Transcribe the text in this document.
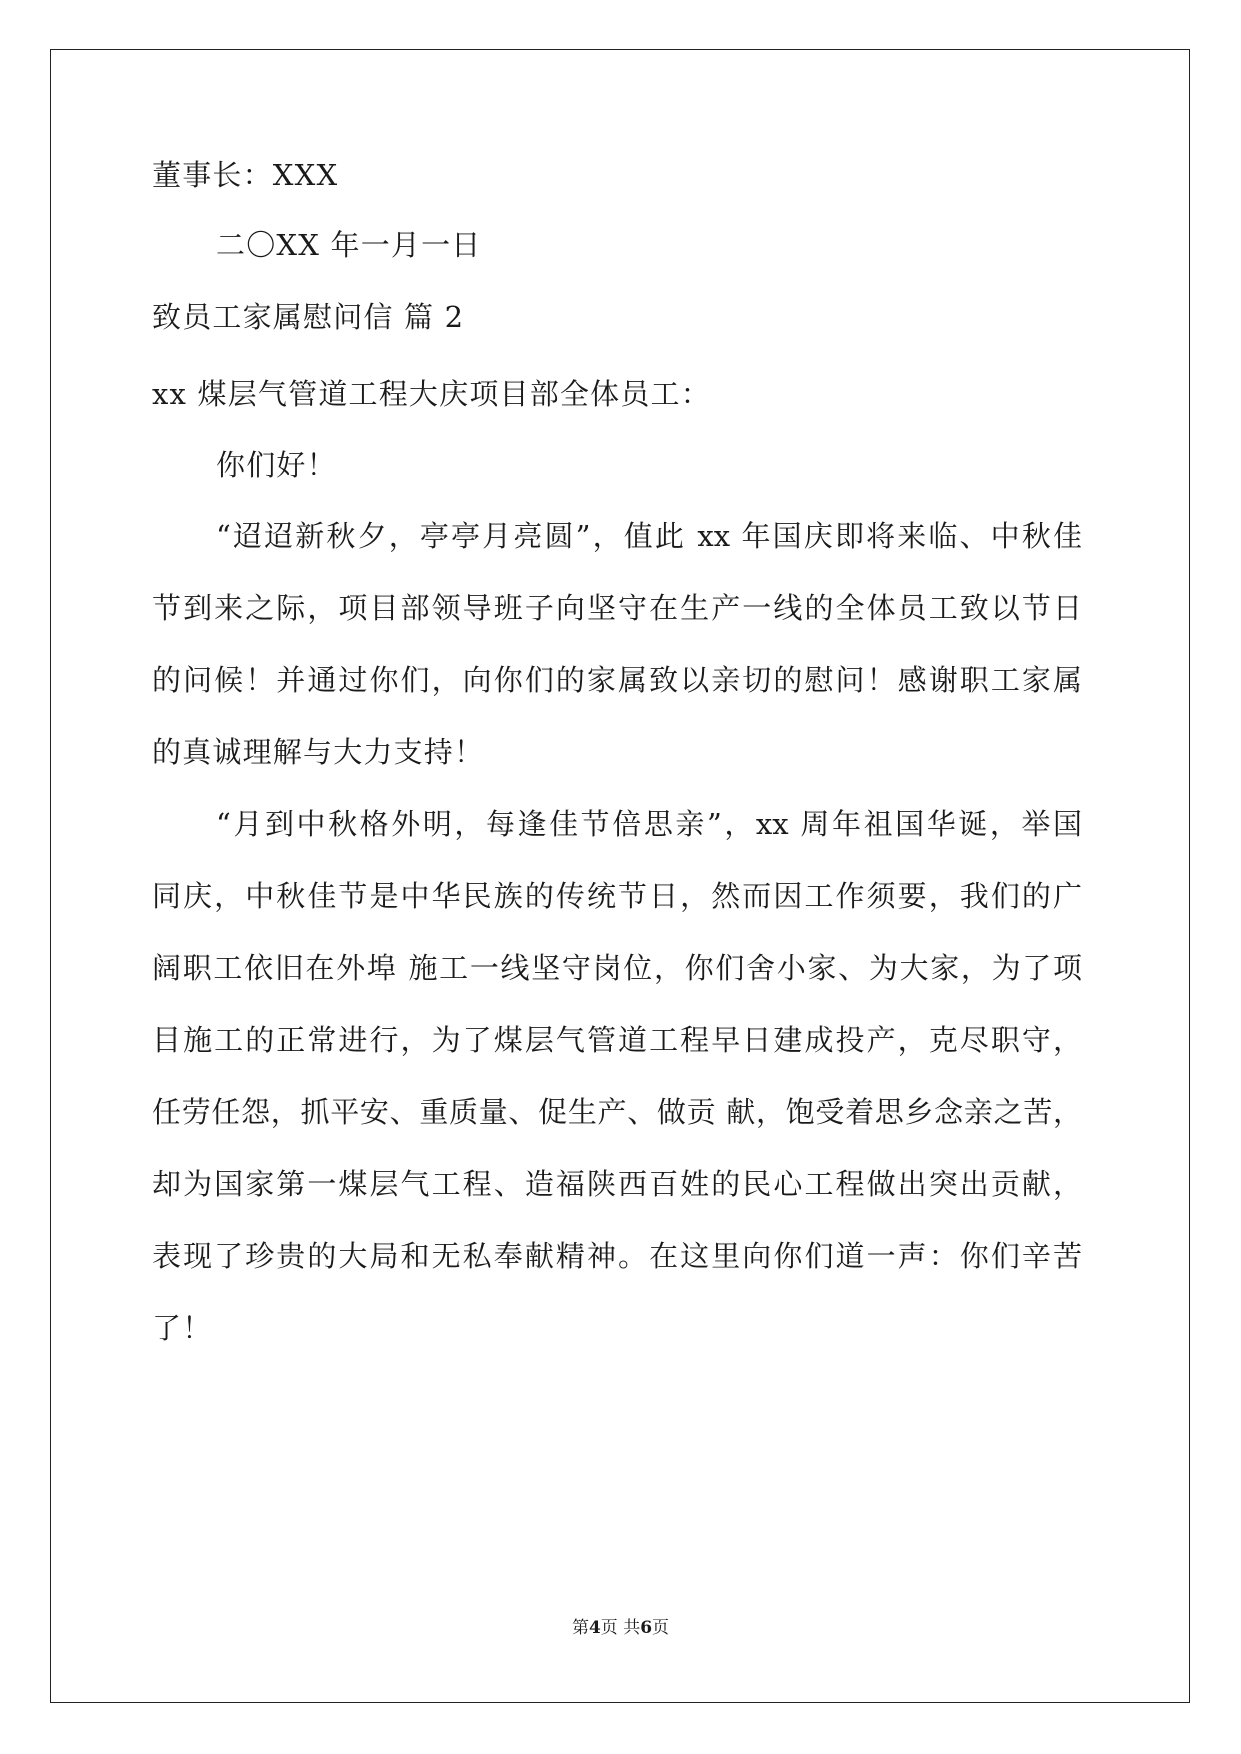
董事长：XXX
二〇XX 年一月一日
致员工家属慰问信 篇 2
xx 煤层气管道工程大庆项目部全体员工：
你们好！
“迢迢新秋夕，亭亭月亮圆”，值此 xx 年国庆即将来临、中秋佳
节到来之际，项目部领导班子向坚守在生产一线的全体员工致以节日
的问候！并通过你们，向你们的家属致以亲切的慰问！感谢职工家属
的真诚理解与大力支持！
“月到中秋格外明，每逢佳节倍思亲”，xx 周年祖国华诞，举国
同庆，中秋佳节是中华民族的传统节日，然而因工作须要，我们的广
阔职工依旧在外埠 施工一线坚守岗位，你们舍小家、为大家，为了项
目施工的正常进行，为了煤层气管道工程早日建成投产，克尽职守，
任劳任怨，抓平安、重质量、促生产、做贡 献，饱受着思乡念亲之苦，
却为国家第一煤层气工程、造福陕西百姓的民心工程做出突出贡献，
表现了珍贵的大局和无私奉献精神。在这里向你们道一声：你们辛苦
了！
第4页 共6页
